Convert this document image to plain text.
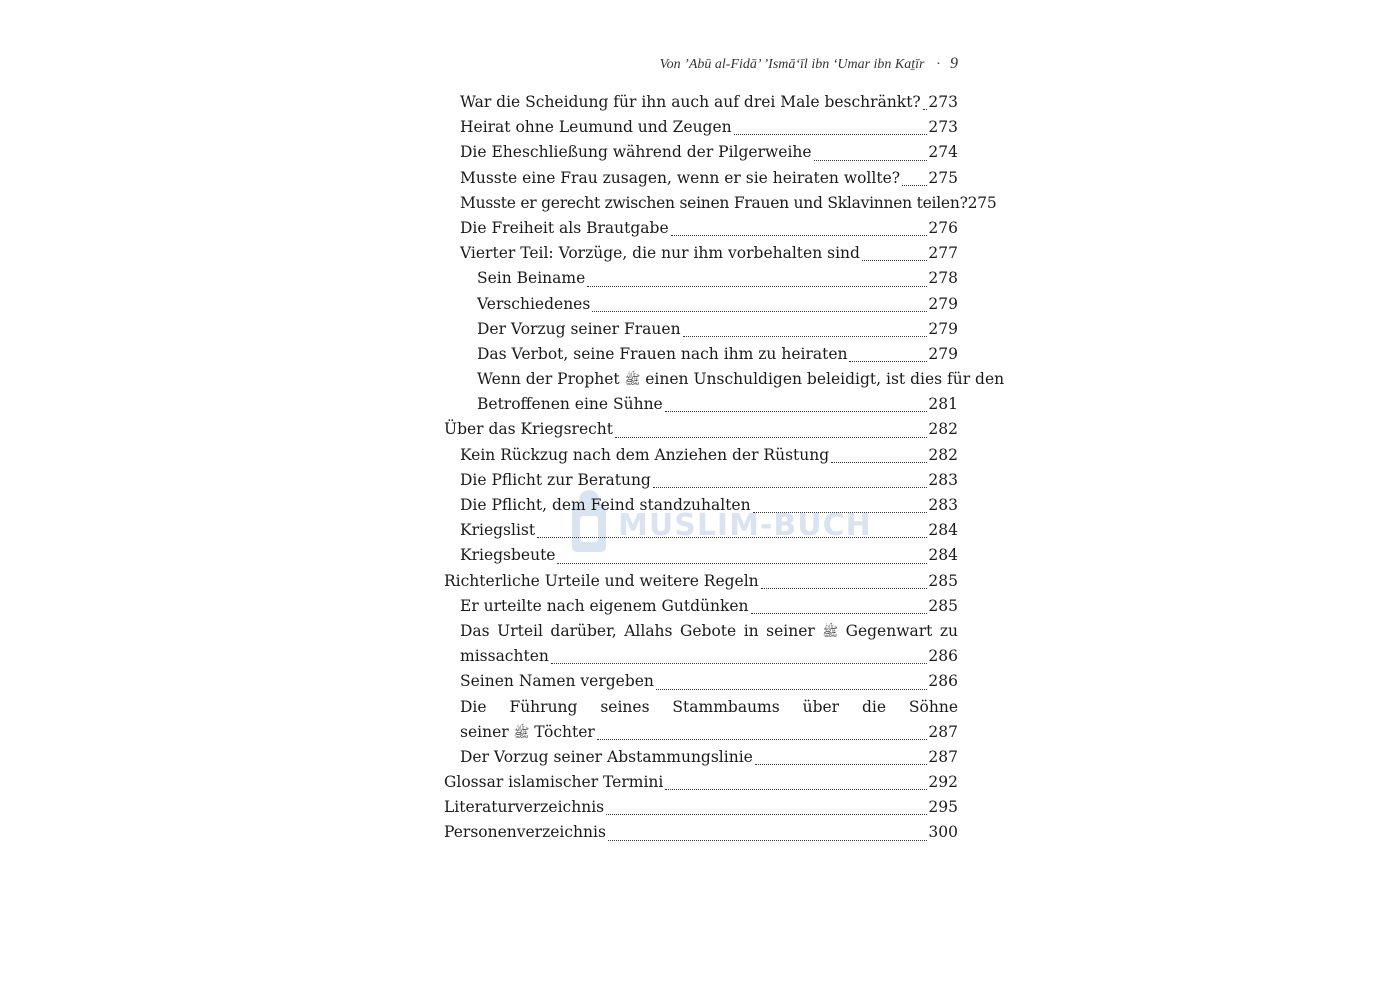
Von ’Abū al-Fidā’ ’Ismā‘īl ibn ‘Umar ibn Kaṯīr · 9
MUSLIM-BUCH
War die Scheidung für ihn auch auf drei Male beschränkt? 273
Heirat ohne Leumund und Zeugen	273
Die Eheschließung während der Pilgerweihe	274
Musste eine Frau zusagen, wenn er sie heiraten wollte? 275
Musste er gerecht zwischen seinen Frauen und Sklavinnen teilen? 275
Die Freiheit als Brautgabe	276
Vierter Teil: Vorzüge, die nur ihm vorbehalten sind	277
Sein Beiname	278
Verschiedenes	279
Der Vorzug seiner Frauen	279
Das Verbot, seine Frauen nach ihm zu heiraten	279
Wenn der Prophet ﷺ einen Unschuldigen beleidigt, ist dies für den
Betroffenen eine Sühne	281
Über das Kriegsrecht	282
Kein Rückzug nach dem Anziehen der Rüstung	282
Die Pflicht zur Beratung	283
Die Pflicht, dem Feind standzuhalten	283
Kriegslist	284
Kriegsbeute	284
Richterliche Urteile und weitere Regeln	285
Er urteilte nach eigenem Gutdünken	285
Das Urteil darüber, Allahs Gebote in seiner ﷺ Gegenwart zu
missachten	286
Seinen Namen vergeben	286
Die Führung seines Stammbaums über die Söhne
seiner ﷺ Töchter	287
Der Vorzug seiner Abstammungslinie	287
Glossar islamischer Termini	292
Literaturverzeichnis	295
Personenverzeichnis	300
